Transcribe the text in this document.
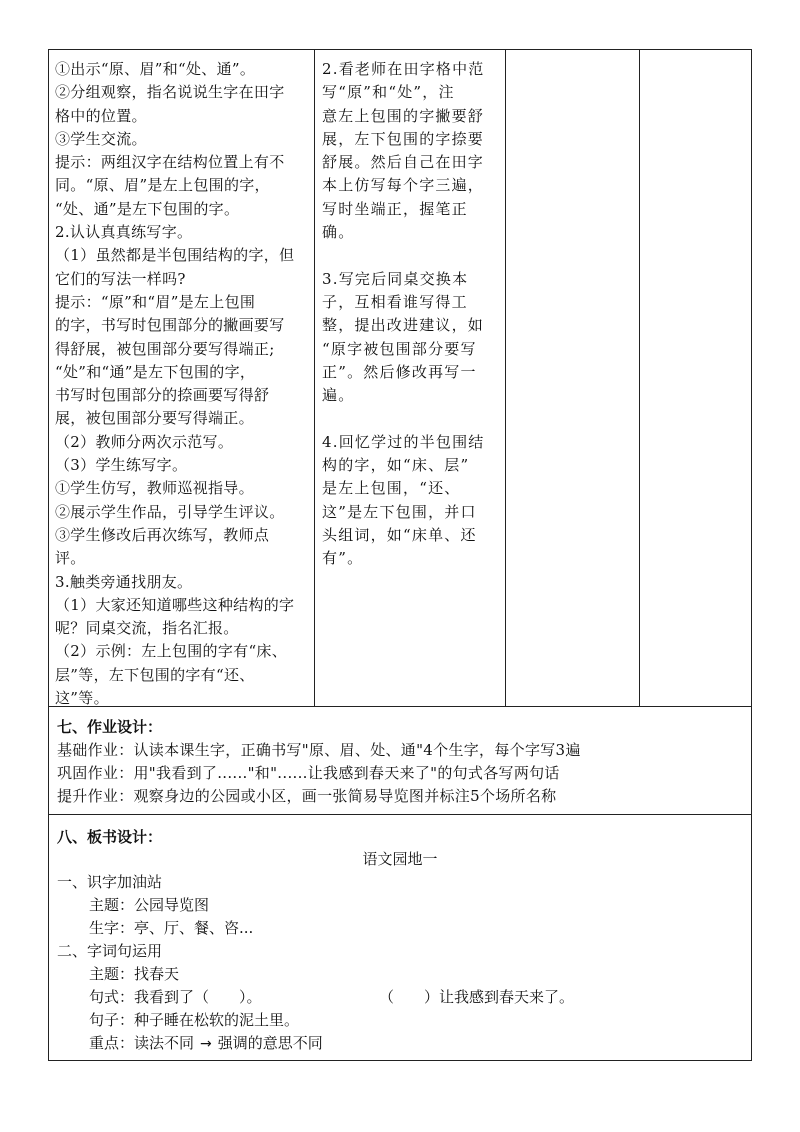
①出示“原、眉”和“处、通”。
②分组观察，指名说说生字在田字
格中的位置。
③学生交流。
提示：两组汉字在结构位置上有不
同。“原、眉”是左上包围的字，
“处、通”是左下包围的字。
2.认认真真练写字。
（1）虽然都是半包围结构的字，但
它们的写法一样吗?
提示：“原”和“眉”是左上包围
的字，书写时包围部分的撇画要写
得舒展，被包围部分要写得端正;
“处”和“通”是左下包围的字，
书写时包围部分的捺画要写得舒
展，被包围部分要写得端正。
（2）教师分两次示范写。
（3）学生练写字。
①学生仿写，教师巡视指导。
②展示学生作品，引导学生评议。
③学生修改后再次练写，教师点
评。
3.触类旁通找朋友。
（1）大家还知道哪些这种结构的字
呢？同桌交流，指名汇报。
（2）示例：左上包围的字有“床、
层”等，左下包围的字有“还、
这”等。
2.看老师在田字格中范
写“原”和“处”，注
意左上包围的字撇要舒
展，左下包围的字捺要
舒展。然后自己在田字
本上仿写每个字三遍，
写时坐端正，握笔正
确。
3.写完后同桌交换本
子，互相看谁写得工
整，提出改进建议，如
“原字被包围部分要写
正”。然后修改再写一
遍。
4.回忆学过的半包围结
构的字，如“床、层”
是左上包围，“还、
这”是左下包围，并口
头组词，如“床单、还
有”。
七、作业设计：
基础作业：认读本课生字，正确书写"原、眉、处、通"4个生字，每个字写3遍
巩固作业：用"我看到了......"和"......让我感到春天来了"的句式各写两句话
提升作业：观察身边的公园或小区，画一张简易导览图并标注5个场所名称
八、板书设计：
语文园地一
一、识字加油站
主题：公园导览图
生字：亭、厅、餐、咨...
二、字词句运用
主题：找春天
句式：我看到了（　　）。	（　　）让我感到春天来了。
句子：种子睡在松软的泥土里。
重点：读法不同 → 强调的意思不同
